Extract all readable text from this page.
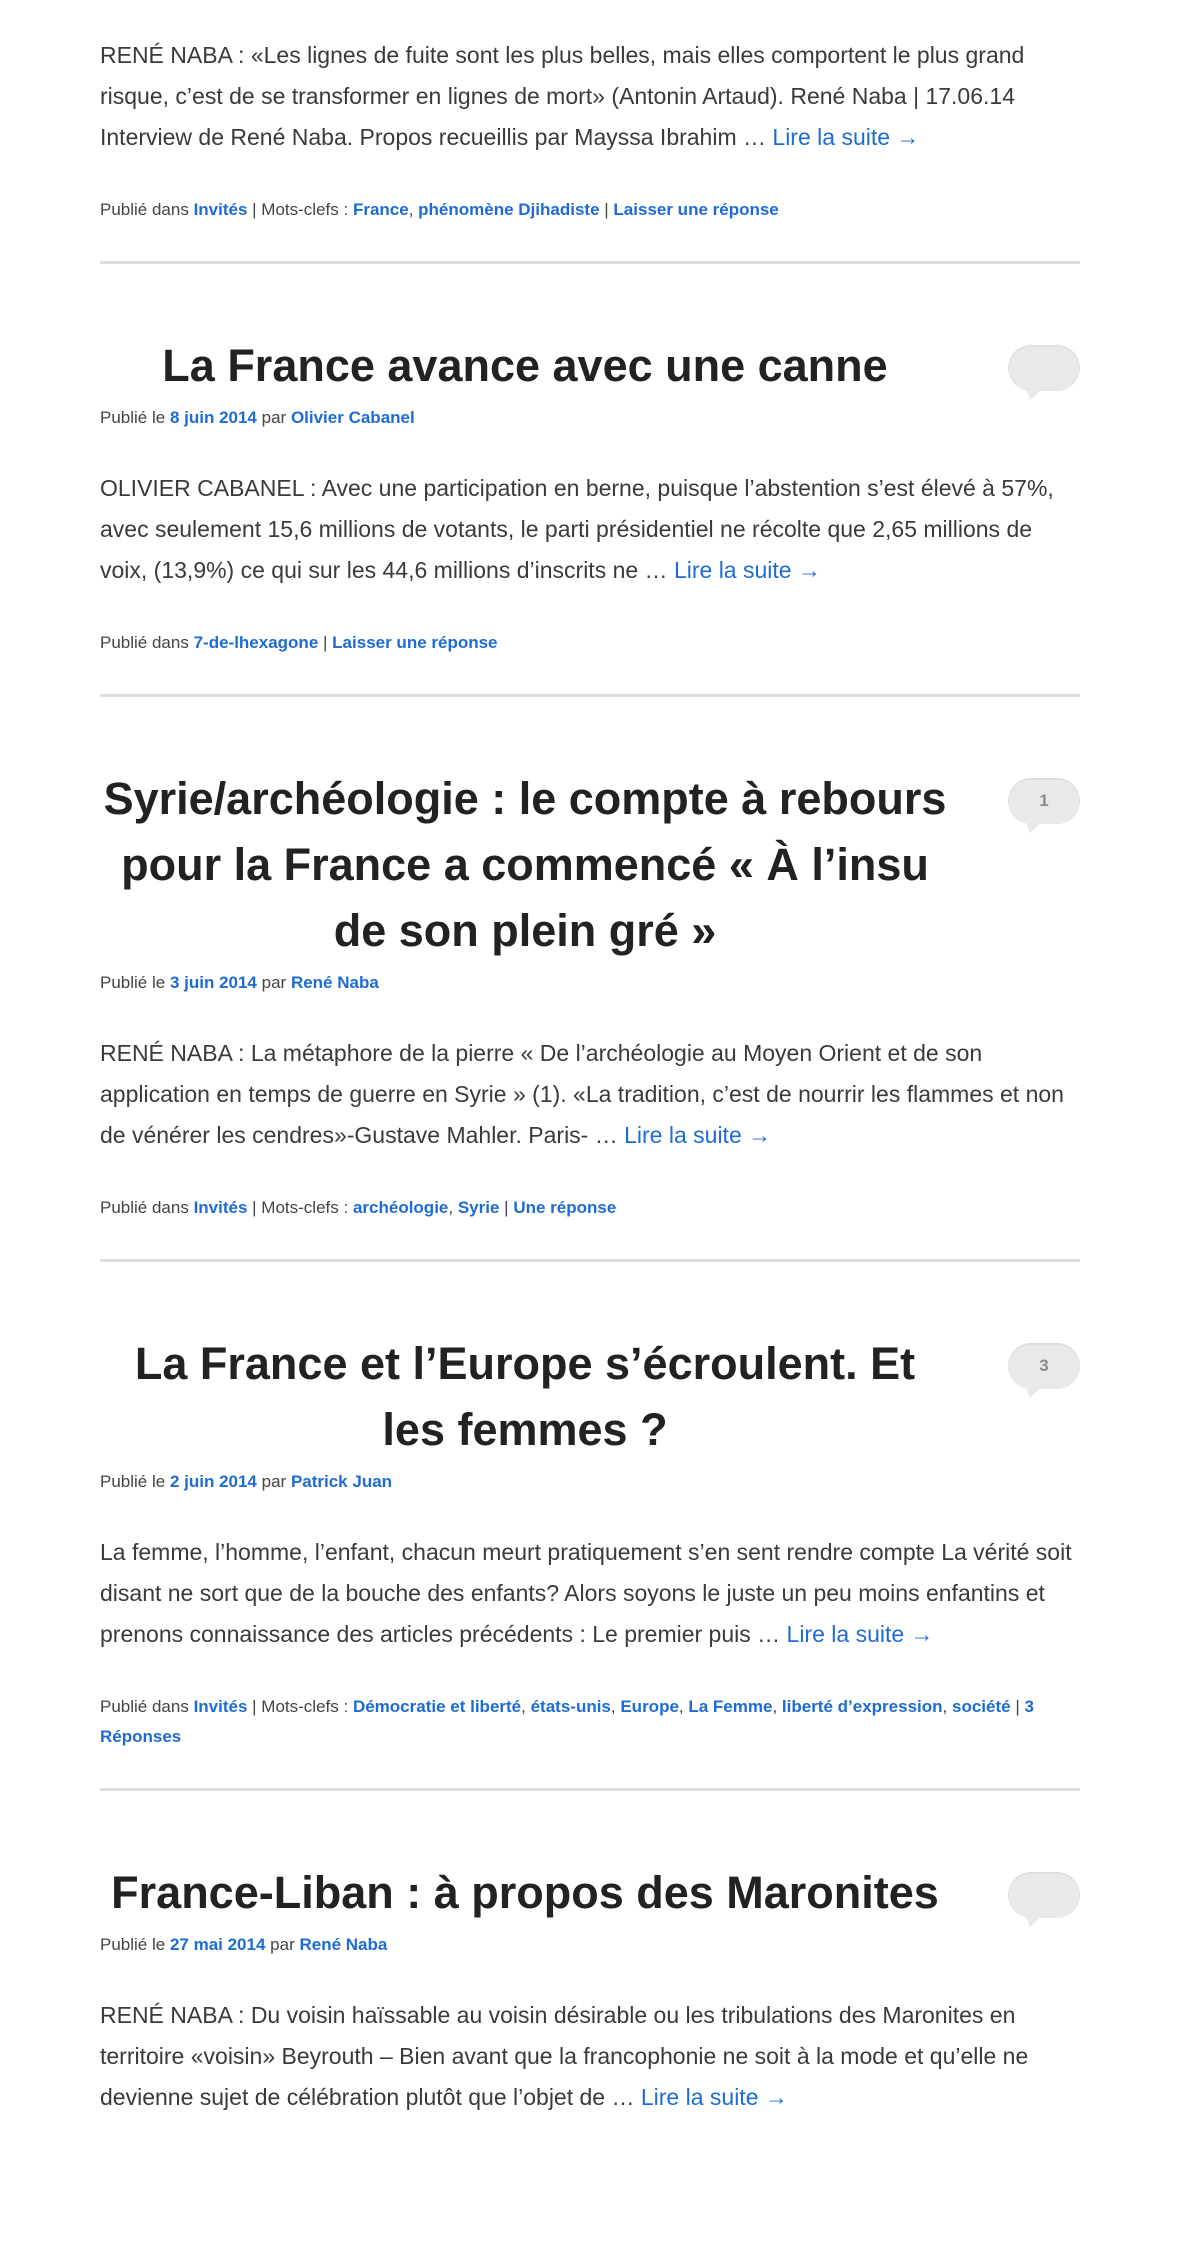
RENÉ NABA : «Les lignes de fuite sont les plus belles, mais elles comportent le plus grand risque, c’est de se transformer en lignes de mort» (Antonin Artaud). René Naba | 17.06.14 Interview de René Naba. Propos recueillis par Mayssa Ibrahim … Lire la suite →
Publié dans Invités | Mots-clefs : France, phénomène Djihadiste | Laisser une réponse
La France avance avec une canne
Publié le 8 juin 2014 par Olivier Cabanel
OLIVIER CABANEL : Avec une participation en berne, puisque l’abstention s’est élevé à 57%, avec seulement 15,6 millions de votants, le parti présidentiel ne récolte que 2,65 millions de voix, (13,9%) ce qui sur les 44,6 millions d’inscrits ne … Lire la suite →
Publié dans 7-de-lhexagone | Laisser une réponse
Syrie/archéologie : le compte à rebours pour la France a commencé « À l’insu de son plein gré »
1
Publié le 3 juin 2014 par René Naba
RENÉ NABA : La métaphore de la pierre « De l’archéologie au Moyen Orient et de son application en temps de guerre en Syrie » (1). «La tradition, c’est de nourrir les flammes et non de vénérer les cendres»-Gustave Mahler. Paris- … Lire la suite →
Publié dans Invités | Mots-clefs : archéologie, Syrie | Une réponse
La France et l’Europe s’écroulent. Et les femmes ?
3
Publié le 2 juin 2014 par Patrick Juan
La femme, l’homme, l’enfant, chacun meurt pratiquement s’en sent rendre compte La vérité soit disant ne sort que de la bouche des enfants? Alors soyons le juste un peu moins enfantins et prenons connaissance des articles précédents : Le premier puis … Lire la suite →
Publié dans Invités | Mots-clefs : Démocratie et liberté, états-unis, Europe, La Femme, liberté d’expression, société | 3 Réponses
France-Liban : à propos des Maronites
Publié le 27 mai 2014 par René Naba
RENÉ NABA : Du voisin haïssable au voisin désirable ou les tribulations des Maronites en territoire «voisin» Beyrouth – Bien avant que la francophonie ne soit à la mode et qu’elle ne devienne sujet de célébration plutôt que l’objet de … Lire la suite →
